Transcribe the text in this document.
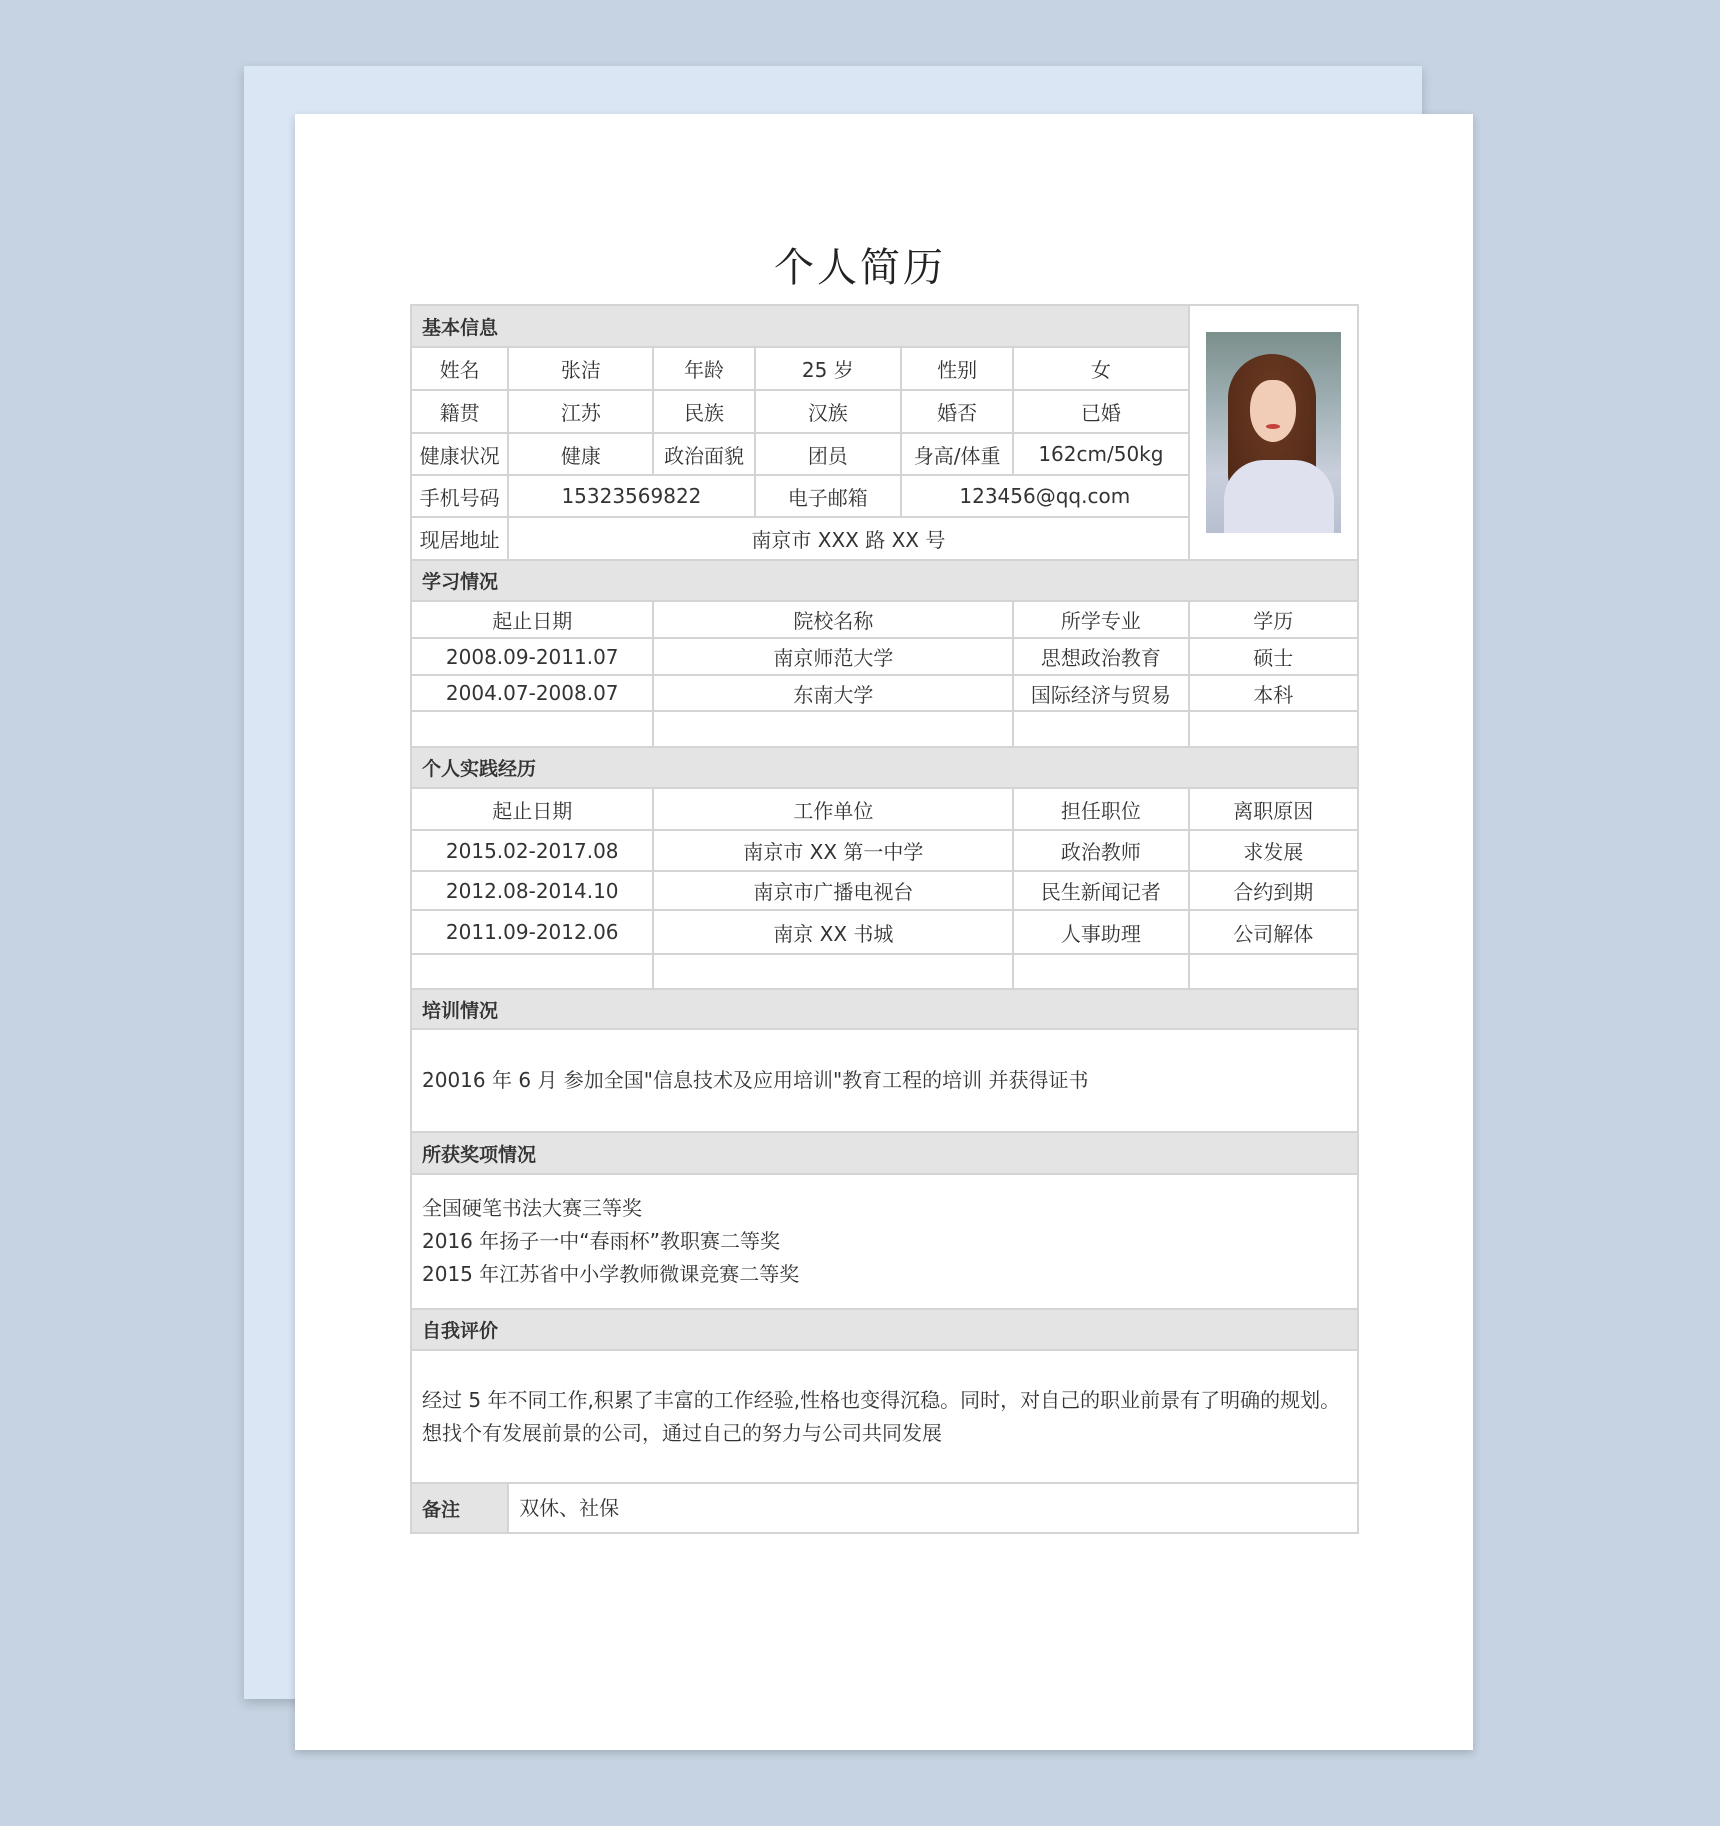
个人简历
基本信息						

姓名	张洁	年龄	25 岁	性别	女	
籍贯	江苏	民族	汉族	婚否	已婚	
健康状况	健康	政治面貌	团员	身高/体重	162cm/50kg	
手机号码	15323569822		电子邮箱	123456@qq.com		
现居地址	南京市 XXX 路 XX 号					
学习情况						
起止日期		院校名称			所学专业	学历
2008.09-2011.07		南京师范大学			思想政治教育	硕士
2004.07-2008.07		东南大学			国际经济与贸易	本科

个人实践经历						
起止日期		工作单位			担任职位	离职原因
2015.02-2017.08		南京市 XX 第一中学			政治教师	求发展
2012.08-2014.10		南京市广播电视台			民生新闻记者	合约到期
2011.09-2012.06		南京 XX 书城			人事助理	公司解体

培训情况						
20016 年 6 月 参加全国"信息技术及应用培训"教育工程的培训 并获得证书						
所获奖项情况						

全国硬笔书法大赛三等奖
2016 年扬子一中“春雨杯”教职赛二等奖
2015 年江苏省中小学教师微课竞赛二等奖						

自我评价						

经过 5 年不同工作,积累了丰富的工作经验,性格也变得沉稳。同时，对自己的职业前景有了明确的规划。
想找个有发展前景的公司，通过自己的努力与公司共同发展						

备注	双休、社保					
